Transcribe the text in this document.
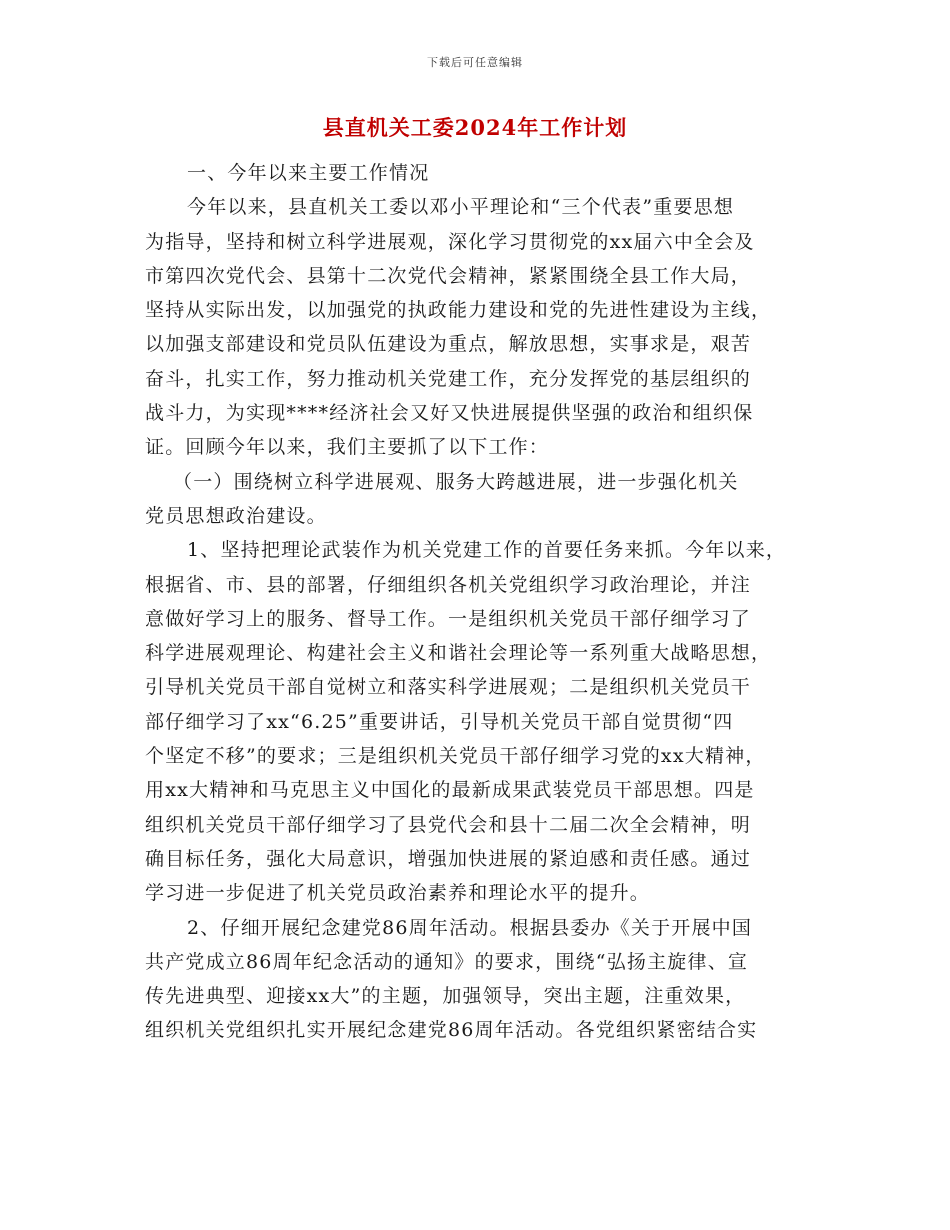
下载后可任意编辑
县直机关工委2024年工作计划
一、今年以来主要工作情况
今年以来，县直机关工委以邓小平理论和“三个代表”重要思想
为指导，坚持和树立科学进展观，深化学习贯彻党的xx届六中全会及
市第四次党代会、县第十二次党代会精神，紧紧围绕全县工作大局，
坚持从实际出发，以加强党的执政能力建设和党的先进性建设为主线，
以加强支部建设和党员队伍建设为重点，解放思想，实事求是，艰苦
奋斗，扎实工作，努力推动机关党建工作，充分发挥党的基层组织的
战斗力，为实现****经济社会又好又快进展提供坚强的政治和组织保
证。回顾今年以来，我们主要抓了以下工作：
（一）围绕树立科学进展观、服务大跨越进展，进一步强化机关
党员思想政治建设。
1、坚持把理论武装作为机关党建工作的首要任务来抓。今年以来，
根据省、市、县的部署，仔细组织各机关党组织学习政治理论，并注
意做好学习上的服务、督导工作。一是组织机关党员干部仔细学习了
科学进展观理论、构建社会主义和谐社会理论等一系列重大战略思想，
引导机关党员干部自觉树立和落实科学进展观；二是组织机关党员干
部仔细学习了xx“6.25”重要讲话，引导机关党员干部自觉贯彻“四
个坚定不移”的要求；三是组织机关党员干部仔细学习党的xx大精神，
用xx大精神和马克思主义中国化的最新成果武装党员干部思想。四是
组织机关党员干部仔细学习了县党代会和县十二届二次全会精神，明
确目标任务，强化大局意识，增强加快进展的紧迫感和责任感。通过
学习进一步促进了机关党员政治素养和理论水平的提升。
2、仔细开展纪念建党86周年活动。根据县委办《关于开展中国
共产党成立86周年纪念活动的通知》的要求，围绕“弘扬主旋律、宣
传先进典型、迎接xx大”的主题，加强领导，突出主题，注重效果，
组织机关党组织扎实开展纪念建党86周年活动。各党组织紧密结合实
